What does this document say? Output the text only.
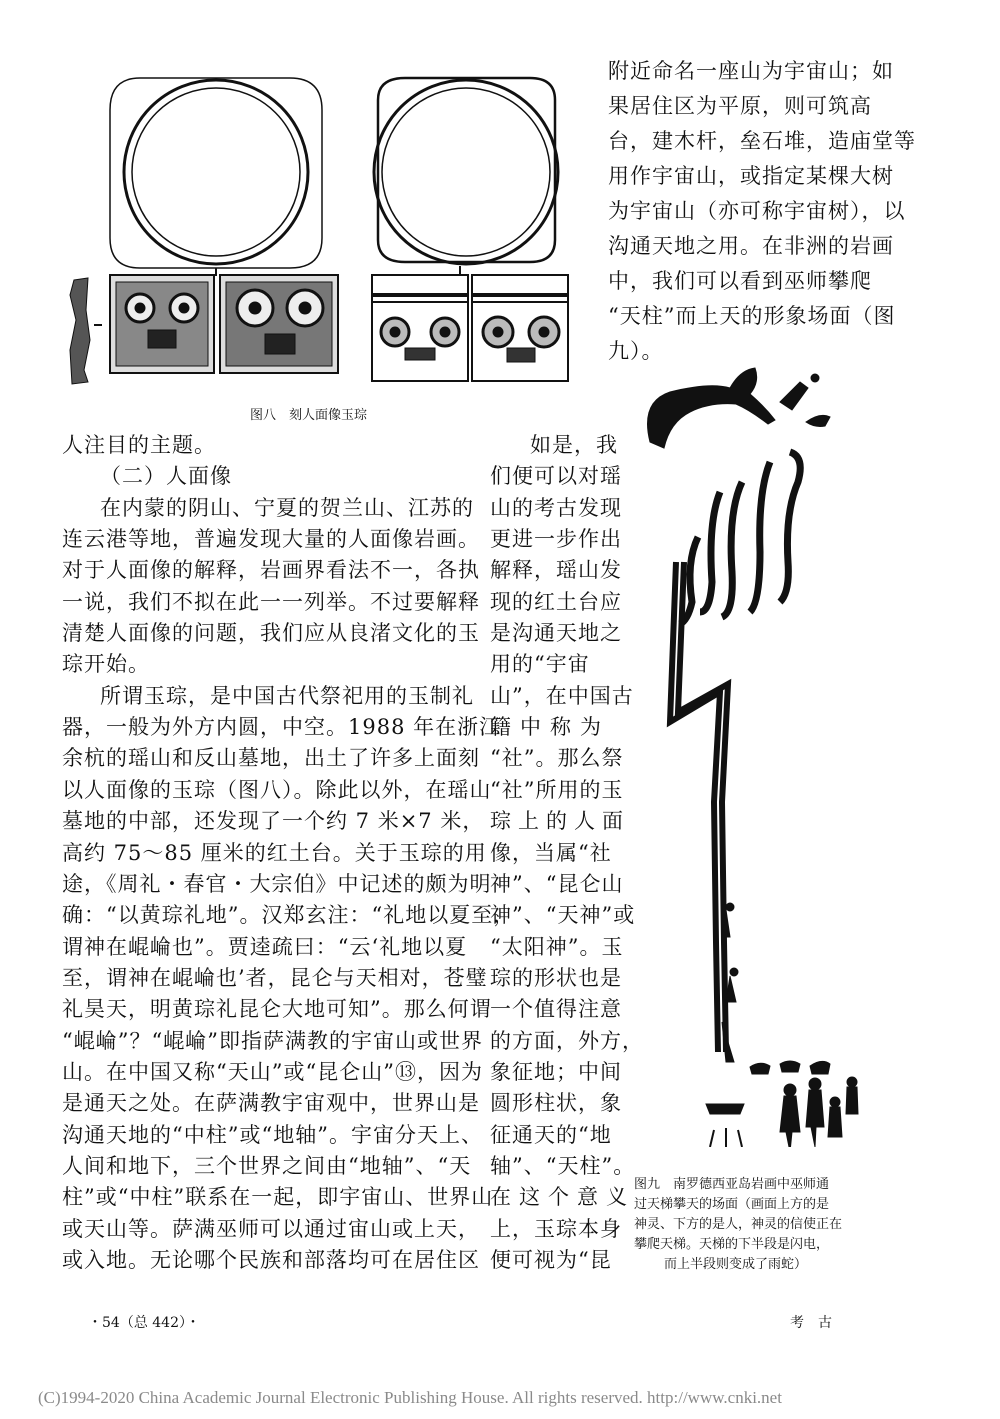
图八　刻人面像玉琮
附近命名一座山为宇宙山；如
果居住区为平原，则可筑高
台，建木杆，垒石堆，造庙堂等
用作宇宙山，或指定某棵大树
为宇宙山（亦可称宇宙树），以
沟通天地之用。在非洲的岩画
中，我们可以看到巫师攀爬
“天柱”而上天的形象场面（图
九）。
图九　南罗德西亚岛岩画中巫师通
过天梯攀天的场面（画面上方的是
神灵、下方的是人，神灵的信使正在
攀爬天梯。天梯的下半段是闪电，
而上半段则变成了雨蛇）
人注目的主题。
（二）人面像
在内蒙的阴山、宁夏的贺兰山、江苏的
连云港等地，普遍发现大量的人面像岩画。
对于人面像的解释，岩画界看法不一，各执
一说，我们不拟在此一一列举。不过要解释
清楚人面像的问题，我们应从良渚文化的玉
琮开始。
所谓玉琮，是中国古代祭祀用的玉制礼
器，一般为外方内圆，中空。1988 年在浙江
余杭的瑶山和反山墓地，出土了许多上面刻
以人面像的玉琮（图八）。除此以外，在瑶山
墓地的中部，还发现了一个约 7 米×7 米，
高约 75～85 厘米的红土台。关于玉琮的用
途，《周礼・春官・大宗伯》中记述的颇为明
确：“以黄琮礼地”。汉郑玄注：“礼地以夏至，
谓神在崐崘也”。贾逵疏曰：“云‘礼地以夏
至，谓神在崐崘也’者，昆仑与天相对，苍璧
礼昊天，明黄琮礼昆仑大地可知”。那么何谓
“崐崘”？“崐崘”即指萨满教的宇宙山或世界
山。在中国又称“天山”或“昆仑山”⑬，因为
是通天之处。在萨满教宇宙观中，世界山是
沟通天地的“中柱”或“地轴”。宇宙分天上、
人间和地下，三个世界之间由“地轴”、“天
柱”或“中柱”联系在一起，即宇宙山、世界山
或天山等。萨满巫师可以通过宙山或上天，
或入地。无论哪个民族和部落均可在居住区
如是，我
们便可以对瑶
山的考古发现
更进一步作出
解释，瑶山发
现的红土台应
是沟通天地之
用的“宇宙
山”，在中国古
籍中称为
“社”。那么祭
“社”所用的玉
琮上的人面
像，当属“社
神”、“昆仑山
神”、“天神”或
“太阳神”。玉
琮的形状也是
一个值得注意
的方面，外方，
象征地；中间
圆形柱状，象
征通天的“地
轴”、“天柱”。
在这个意义
上，玉琮本身
便可视为“昆
・54（总 442）・	考　古
(C)1994-2020 China Academic Journal Electronic Publishing House. All rights reserved. http://www.cnki.net
